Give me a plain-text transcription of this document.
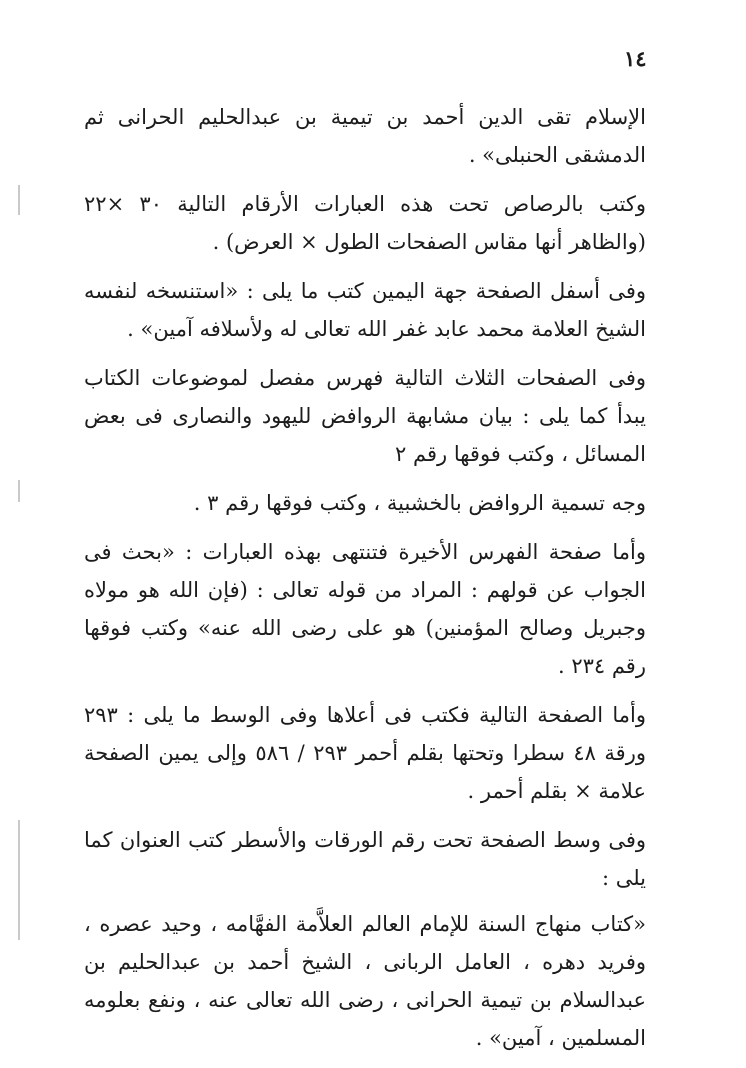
١٤

الإسلام تقى الدين أحمد بن تيمية بن عبدالحليم الحرانى ثم الدمشقى الحنبلى» .

وكتب بالرصاص تحت هذه العبارات الأرقام التالية ٣٠ ×٢٢ (والظاهر أنها مقاس الصفحات الطول × العرض) .

وفى أسفل الصفحة جهة اليمين كتب ما يلى : «استنسخه لنفسه الشيخ العلامة محمد عابد غفر الله تعالى له ولأسلافه آمين» .

وفى الصفحات الثلاث التالية فهرس مفصل لموضوعات الكتاب يبدأ كما يلى : بيان مشابهة الروافض لليهود والنصارى فى بعض المسائل ، وكتب فوقها رقم ٢

وجه تسمية الروافض بالخشبية ، وكتب فوقها رقم ٣ .

وأما صفحة الفهرس الأخيرة فتنتهى بهذه العبارات : «بحث فى الجواب عن قولهم : المراد من قوله تعالى : (فإن الله هو مولاه وجبريل وصالح المؤمنين) هو على رضى الله عنه» وكتب فوقها رقم ٢٣٤ .

وأما الصفحة التالية فكتب فى أعلاها وفى الوسط ما يلى : ٢٩٣ ورقة ٤٨ سطرا وتحتها بقلم أحمر ٢٩٣ / ٥٨٦ وإلى يمين الصفحة علامة × بقلم أحمر .

وفى وسط الصفحة تحت رقم الورقات والأسطر كتب العنوان كما يلى :

«كتاب منهاج السنة للإمام العالم العلاَّمة الفهَّامه ، وحيد عصره ، وفريد دهره ، العامل الربانى ، الشيخ أحمد بن عبدالحليم بن عبدالسلام بن تيمية الحرانى ، رضى الله تعالى عنه ، ونفع بعلومه المسلمين ، آمين» .
